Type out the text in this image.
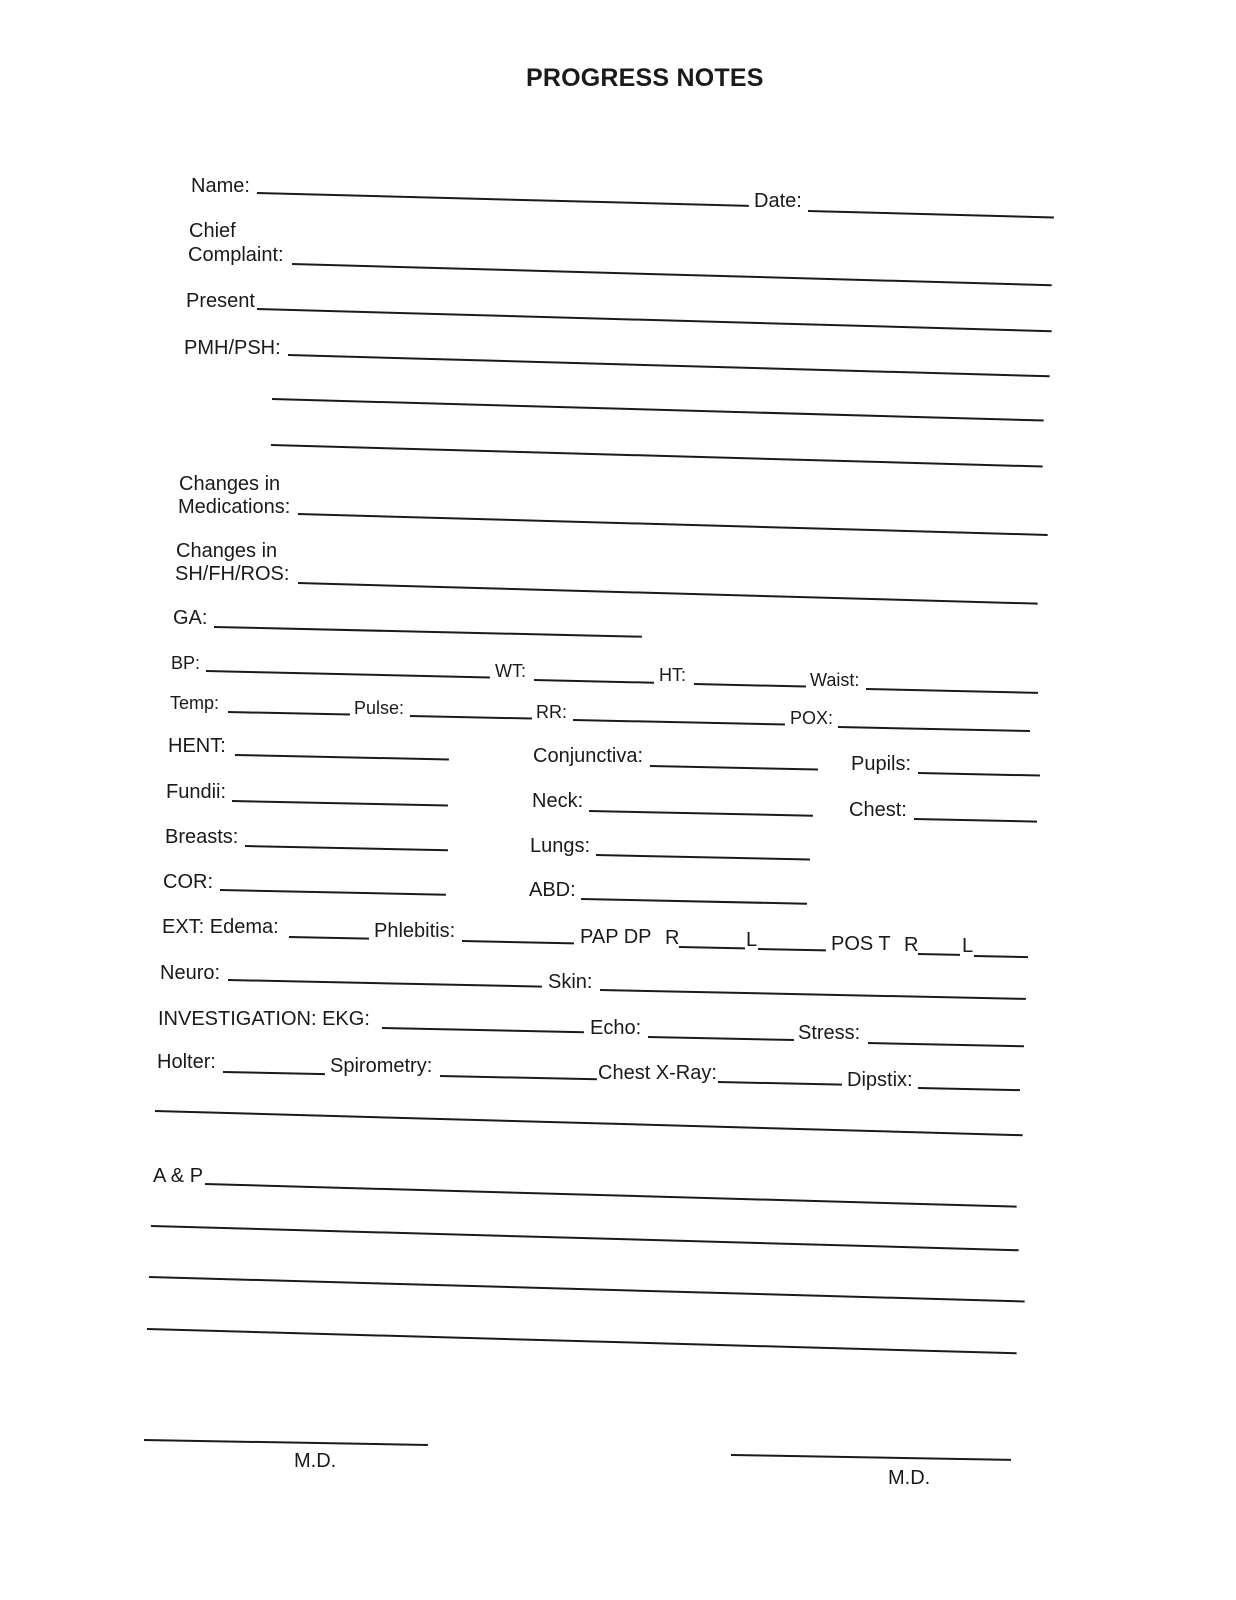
PROGRESS NOTES
Name:
Date:
Chief
Complaint:
Present
PMH/PSH:
Changes in
Medications:
Changes in
SH/FH/ROS:
GA:
BP:	WT:	HT:	Waist:
Temp:	Pulse:	RR:	POX:
HENT:	Conjunctiva:	Pupils:
Fundii:	Neck:	Chest:
Breasts:	Lungs:
COR:	ABD:
EXT: Edema:	Phlebitis:	PAP DP R	L	POS T R L
Neuro:	Skin:
INVESTIGATION: EKG:	Echo:	Stress:
Holter:	Spirometry:	Chest X-Ray:	Dipstix:
A & P
M.D.
M.D.
